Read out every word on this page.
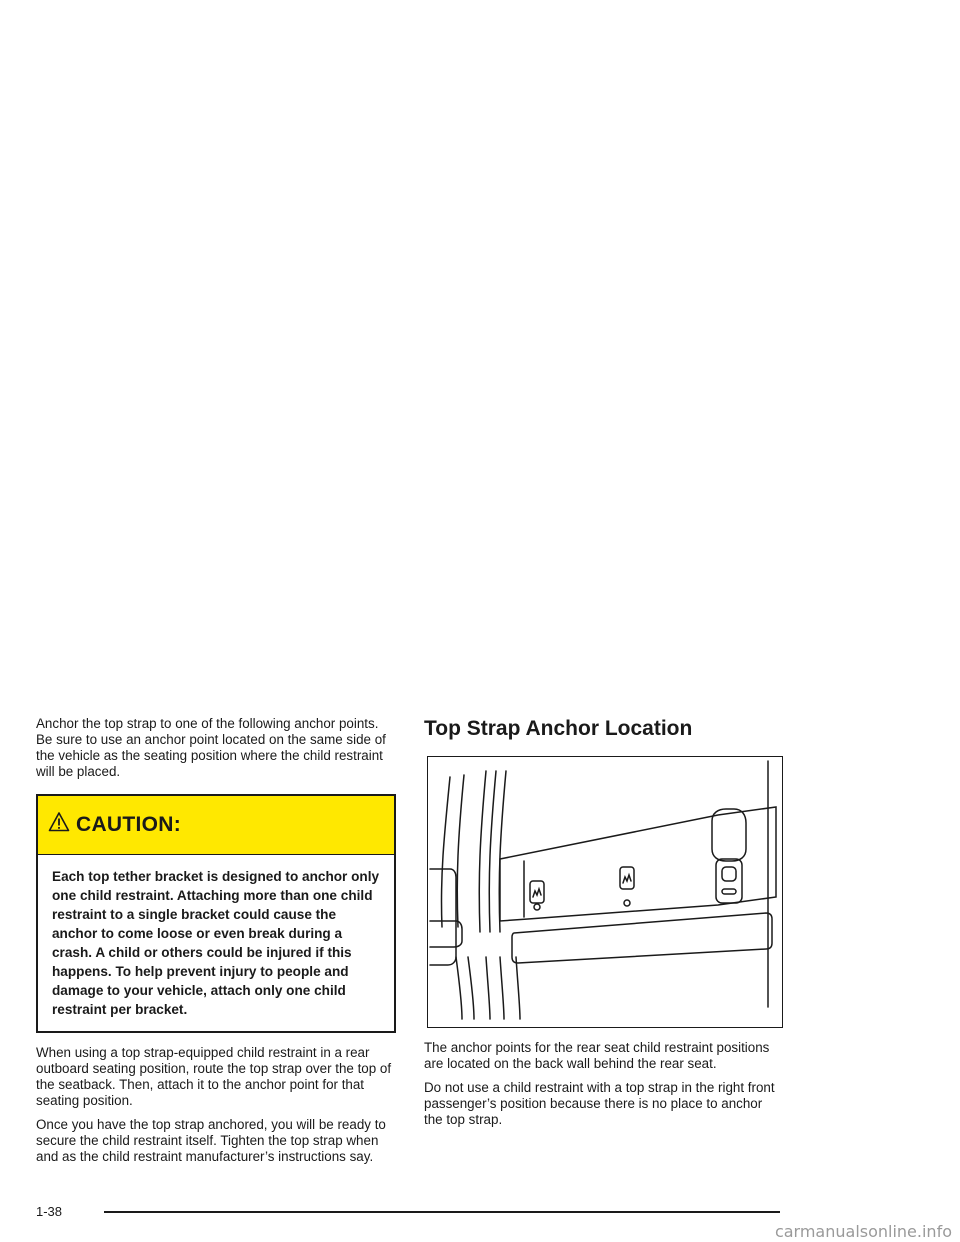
Anchor the top strap to one of the following anchor points. Be sure to use an anchor point located on the same side of the vehicle as the seating position where the child restraint will be placed.

CAUTION:
Each top tether bracket is designed to anchor only one child restraint. Attaching more than one child restraint to a single bracket could cause the anchor to come loose or even break during a crash. A child or others could be injured if this happens. To help prevent injury to people and damage to your vehicle, attach only one child restraint per bracket.

When using a top strap-equipped child restraint in a rear outboard seating position, route the top strap over the top of the seatback. Then, attach it to the anchor point for that seating position.

Once you have the top strap anchored, you will be ready to secure the child restraint itself. Tighten the top strap when and as the child restraint manufacturer’s instructions say.

Top Strap Anchor Location

The anchor points for the rear seat child restraint positions are located on the back wall behind the rear seat.

Do not use a child restraint with a top strap in the right front passenger’s position because there is no place to anchor the top strap.

1-38
carmanualsonline.info
